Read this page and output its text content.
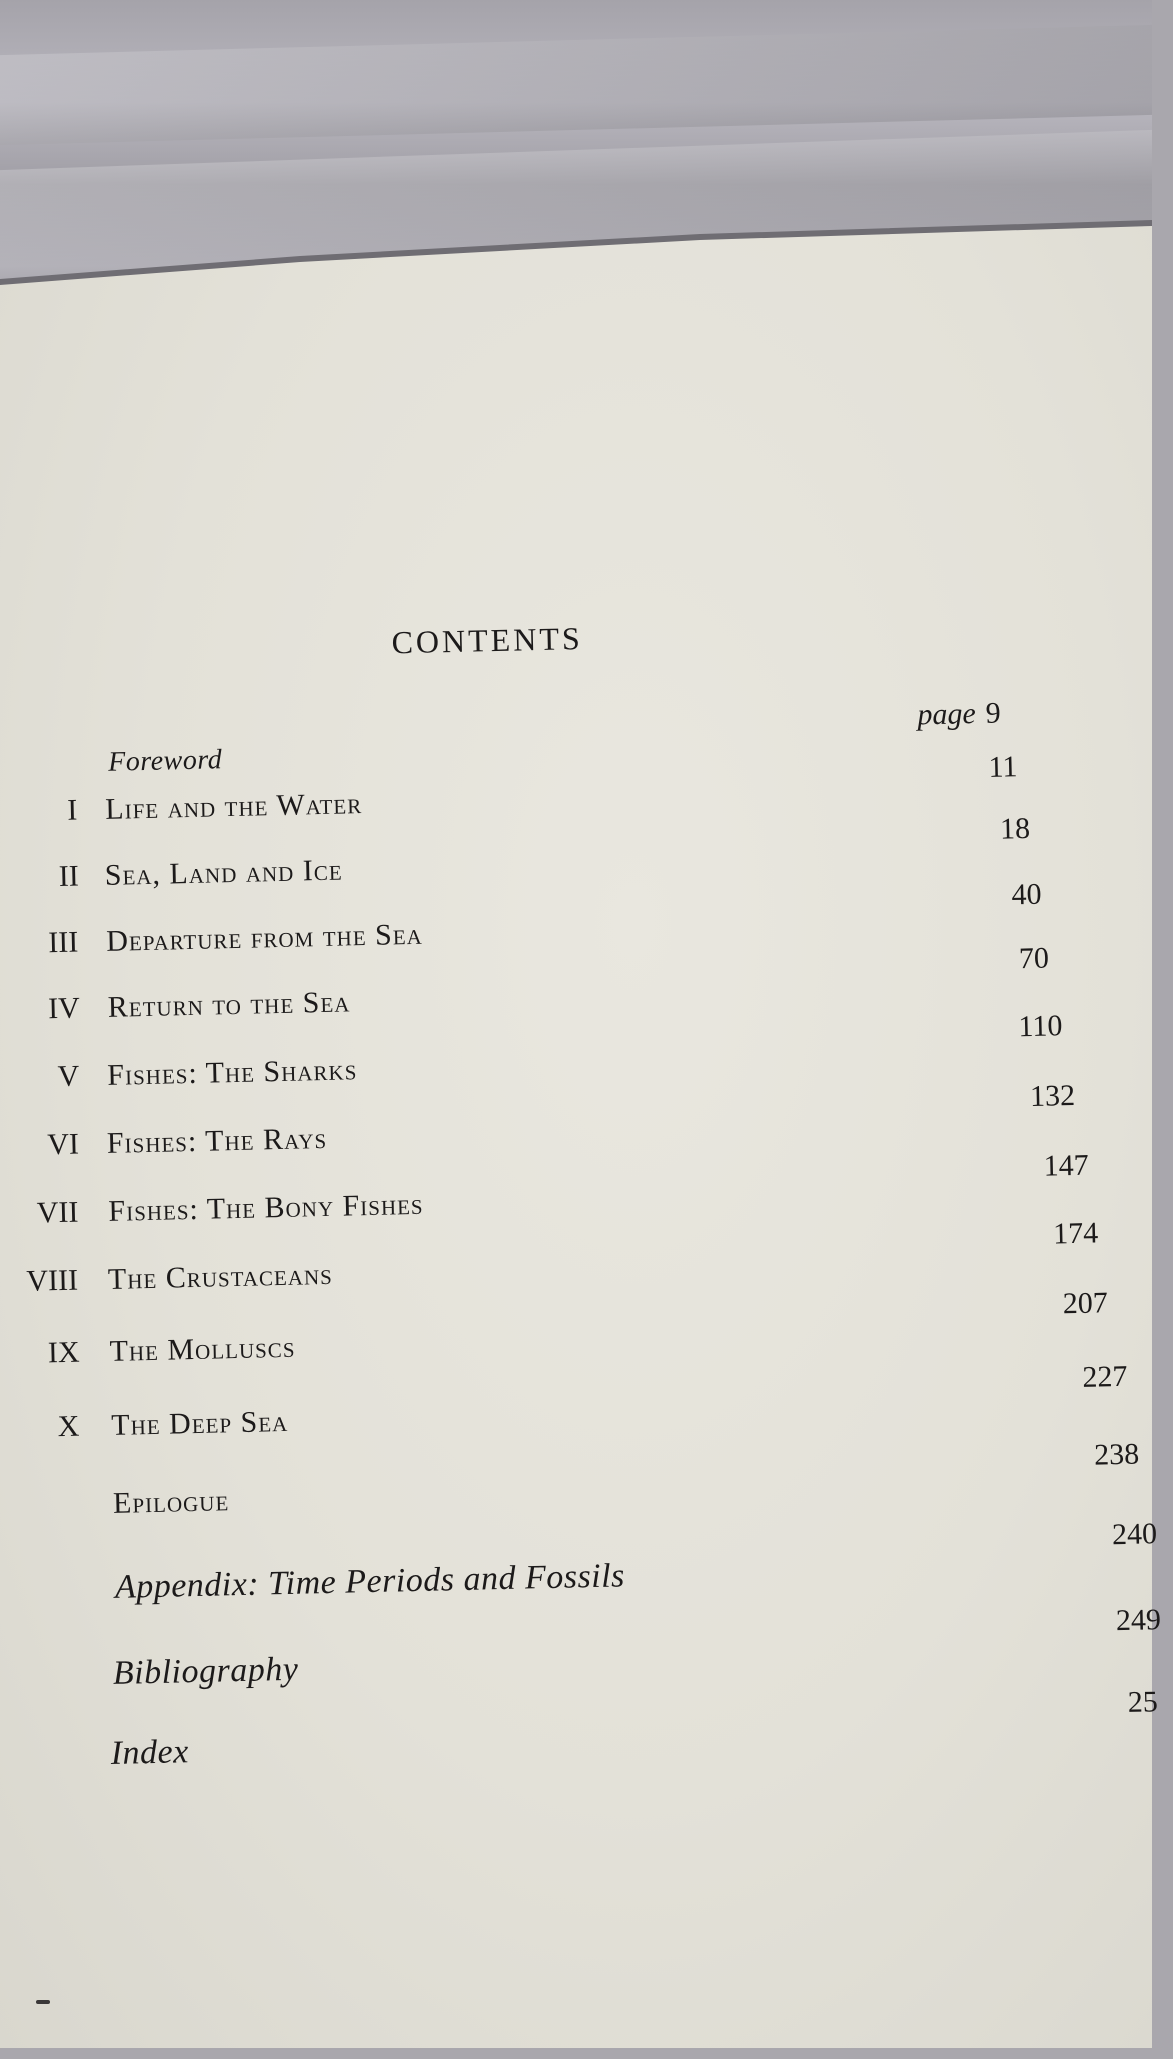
CONTENTS
Foreword
page 9
I Life and the Water
11
II Sea, Land and Ice
18
III Departure from the Sea
40
IV Return to the Sea
70
V Fishes: The Sharks
110
VI Fishes: The Rays
132
VII Fishes: The Bony Fishes
147
VIII The Crustaceans
174
IX The Molluscs
207
X The Deep Sea
227
Epilogue
238
Appendix: Time Periods and Fossils
240
Bibliography
249
Index
25
